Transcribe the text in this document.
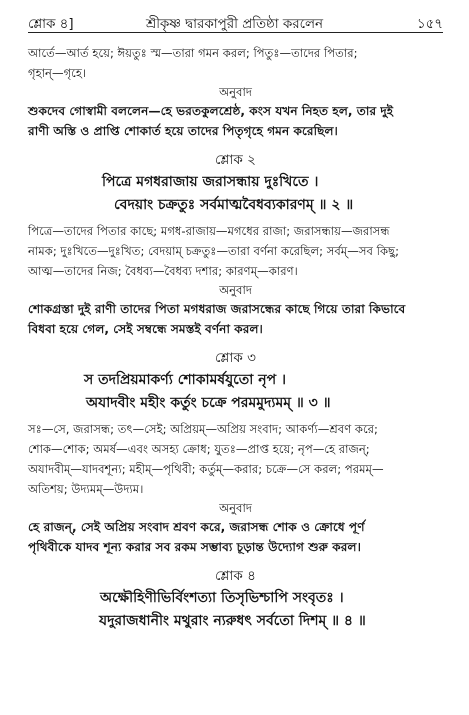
শ্লোক ৪]	শ্রীকৃষ্ণ দ্বারকাপুরী প্রতিষ্ঠা করলেন	১৫৭

আর্তে—আর্ত হয়ে; ঈয়তুঃ স্ম—তারা গমন করল; পিতুঃ—তাদের পিতার;

গৃহান্—গৃহে।

অনুবাদ

শুকদেব গোস্বামী বললেন—হে ভরতকুলশ্রেষ্ঠ, কংস যখন নিহত হল, তার দুই

রাণী অস্তি ও প্রাপ্তি শোকার্ত হয়ে তাদের পিতৃগৃহে গমন করেছিল।

শ্লোক ২

পিত্রে মগধরাজায় জরাসন্ধায় দুঃখিতে ।

বেদয়াং চক্রতুঃ সর্বমাত্মবৈধব্যকারণম্ ॥ ২ ॥

পিত্রে—তাদের পিতার কাছে; মগধ-রাজায়—মগধের রাজা; জরাসন্ধায়—জরাসন্ধ

নামক; দুঃখিতে—দুঃখিত; বেদয়াম্ চক্রতুঃ—তারা বর্ণনা করেছিল; সর্বম্—সব কিছু;

আত্ম—তাদের নিজ; বৈধব্য—বৈধব্য দশার; কারণম্—কারণ।

অনুবাদ

শোকগ্রস্তা দুই রাণী তাদের পিতা মগধরাজ জরাসন্ধের কাছে গিয়ে তারা কিভাবে

বিধবা হয়ে গেল, সেই সম্বন্ধে সমস্তই বর্ণনা করল।

শ্লোক ৩

স তদপ্রিয়মাকর্ণ্য শোকামর্ষযুতো নৃপ ।

অযাদবীং মহীং কর্তুং চক্রে পরমমুদ্যমম্ ॥ ৩ ॥

সঃ—সে, জরাসন্ধ; তৎ—সেই; অপ্রিয়ম্—অপ্রিয় সংবাদ; আকর্ণ্য—শ্রবণ করে;

শোক—শোক; অমর্ষ—এবং অসহ্য ক্রোধ; যুতঃ—প্রাপ্ত হয়ে; নৃপ—হে রাজন্;

অযাদবীম্—যাদবশূন্য; মহীম্—পৃথিবী; কর্তুম্—করার; চক্রে—সে করল; পরমম্—

অতিশয়; উদ্যমম্—উদ্যম।

অনুবাদ

হে রাজন্, সেই অপ্রিয় সংবাদ শ্রবণ করে, জরাসন্ধ শোক ও ক্রোধে পূর্ণ

পৃথিবীকে যাদব শূন্য করার সব রকম সম্ভাব্য চূড়ান্ত উদ্যোগ শুরু করল।

শ্লোক ৪

অক্ষৌহিণীভির্বিংশত্যা তিসৃভিশ্চাপি সংবৃতঃ ।

যদুরাজধানীং মথুরাং ন্যরুধৎ সর্বতো দিশম্ ॥ ৪ ॥
